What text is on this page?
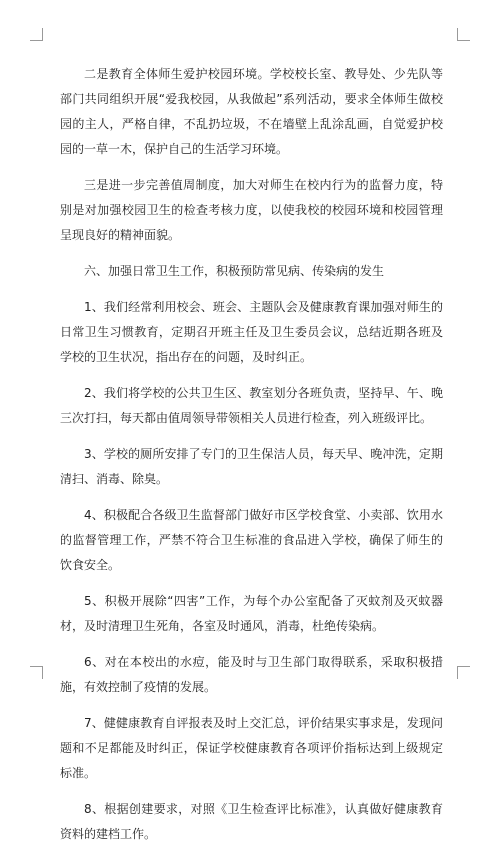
二是教育全体师生爱护校园环境。学校校长室、教导处、少先队等部门共同组织开展“爱我校园，从我做起”系列活动，要求全体师生做校园的主人，严格自律，不乱扔垃圾，不在墙壁上乱涂乱画，自觉爱护校园的一草一木，保护自己的生活学习环境。

三是进一步完善值周制度，加大对师生在校内行为的监督力度，特别是对加强校园卫生的检查考核力度，以使我校的校园环境和校园管理呈现良好的精神面貌。

六、加强日常卫生工作，积极预防常见病、传染病的发生

1、我们经常利用校会、班会、主题队会及健康教育课加强对师生的日常卫生习惯教育，定期召开班主任及卫生委员会议，总结近期各班及学校的卫生状况，指出存在的问题，及时纠正。

2、我们将学校的公共卫生区、教室划分各班负责，坚持早、午、晚三次打扫，每天都由值周领导带领相关人员进行检查，列入班级评比。

3、学校的厕所安排了专门的卫生保洁人员，每天早、晚冲洗，定期清扫、消毒、除臭。

4、积极配合各级卫生监督部门做好市区学校食堂、小卖部、饮用水的监督管理工作，严禁不符合卫生标准的食品进入学校，确保了师生的饮食安全。

5、积极开展除“四害”工作，为每个办公室配备了灭蚊剂及灭蚊器材，及时清理卫生死角，各室及时通风，消毒，杜绝传染病。

6、对在本校出的水痘，能及时与卫生部门取得联系，采取积极措施，有效控制了疫情的发展。

7、健健康教育自评报表及时上交汇总，评价结果实事求是，发现问题和不足都能及时纠正，保证学校健康教育各项评价指标达到上级规定标准。

8、根据创建要求，对照《卫生检查评比标准》，认真做好健康教育资料的建档工作。
